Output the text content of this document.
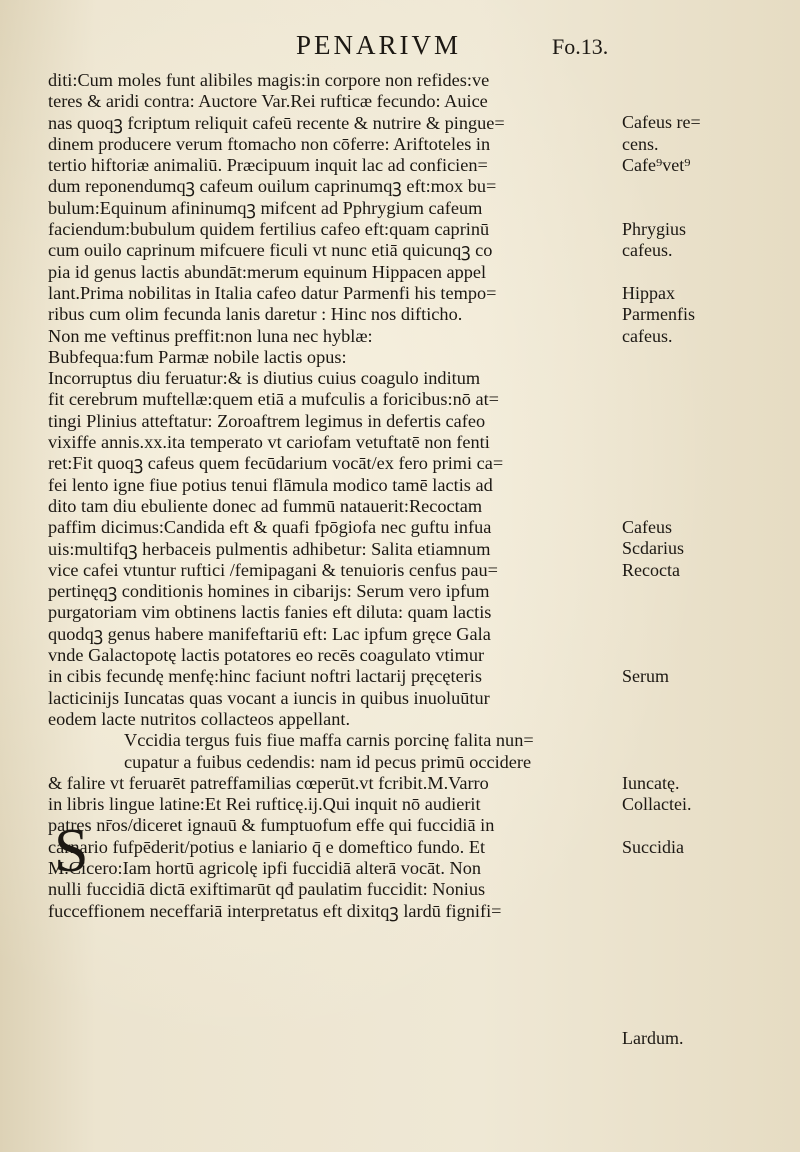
PENARIVM	Fo.13.
S
diti:Cum moles funt alibiles magis:in corpore non refides:ve
teres & aridi contra: Auctore Var.Rei rufticæ fecundo: Auice
nas quoqꝫ fcriptum reliquit cafeū recente & nutrire & pingue=
dinem producere verum ftomacho non cōferre: Ariftoteles in
tertio hiftoriæ animaliū. Præcipuum inquit lac ad conficien=
dum reponendumqꝫ cafeum ouilum caprinumqꝫ eft:mox bu=
bulum:Equinum afininumqꝫ mifcent ad Pphrygium cafeum
faciendum:bubulum quidem fertilius cafeo eft:quam caprinū
cum ouilo caprinum mifcuere ficuli vt nunc etiā quicunqꝫ co
pia id genus lactis abundāt:merum equinum Hippacen appel
lant.Prima nobilitas in Italia cafeo datur Parmenfi his tempo=
ribus cum olim fecunda lanis daretur : Hinc nos difticho.
Non me veftinus preffit:non luna nec hyblæ:
Bubfequa:fum Parmæ nobile lactis opus:
Incorruptus diu feruatur:& is diutius cuius coagulo inditum
fit cerebrum muftellæ:quem etiā a mufculis a foricibus:nō at=
tingi Plinius atteftatur: Zoroaftrem legimus in defertis cafeo
vixiffe annis.xx.ita temperato vt cariofam vetuftatē non fenti
ret:Fit quoqꝫ cafeus quem fecūdarium vocāt/ex fero primi ca=
fei lento igne fiue potius tenui flāmula modico tamē lactis ad
dito tam diu ebuliente donec ad fummū natauerit:Recoctam
paffim dicimus:Candida eft & quafi fpōgiofa nec guftu infua
uis:multifqꝫ herbaceis pulmentis adhibetur: Salita etiamnum
vice cafei vtuntur ruftici /femipagani & tenuioris cenfus pau=
pertinęqꝫ conditionis homines in cibarijs: Serum vero ipfum
purgatoriam vim obtinens lactis fanies eft diluta: quam lactis
quodqꝫ genus habere manifeftariū eft: Lac ipfum gręce Gala
vnde Galactopotę lactis potatores eo recēs coagulato vtimur
in cibis fecundę menfę:hinc faciunt noftri lactarij pręcęteris
lacticinijs Iuncatas quas vocant a iuncis in quibus inuoluūtur
eodem lacte nutritos collacteos appellant.
Vccidia tergus fuis fiue maffa carnis porcinę falita nun=
cupatur a fuibus cedendis: nam id pecus primū occidere
& falire vt feruarēt patreffamilias cœperūt.vt fcribit.M.Varro
in libris lingue latine:Et Rei rufticę.ij.Qui inquit nō audierit
patres nr̄os/diceret ignauū & fumptuofum effe qui fuccidiā in
carnario fufpēderit/potius e laniario q̄ e domeftico fundo. Et
M.Cicero:Iam hortū agricolę ipfi fuccidiā alterā vocāt. Non
nulli fuccidiā dictā exiftimarūt qđ paulatim fuccidit: Nonius
fucceffionem neceffariā interpretatus eft dixitqꝫ lardū fignifi=
Cafeus re=
cens.
Cafe⁹vet⁹
Phrygius
cafeus.
Hippax
Parmenfis
cafeus.
Cafeus
Scdarius
Recocta
Serum
Iuncatę.
Collactei.
Succidia
Lardum.
